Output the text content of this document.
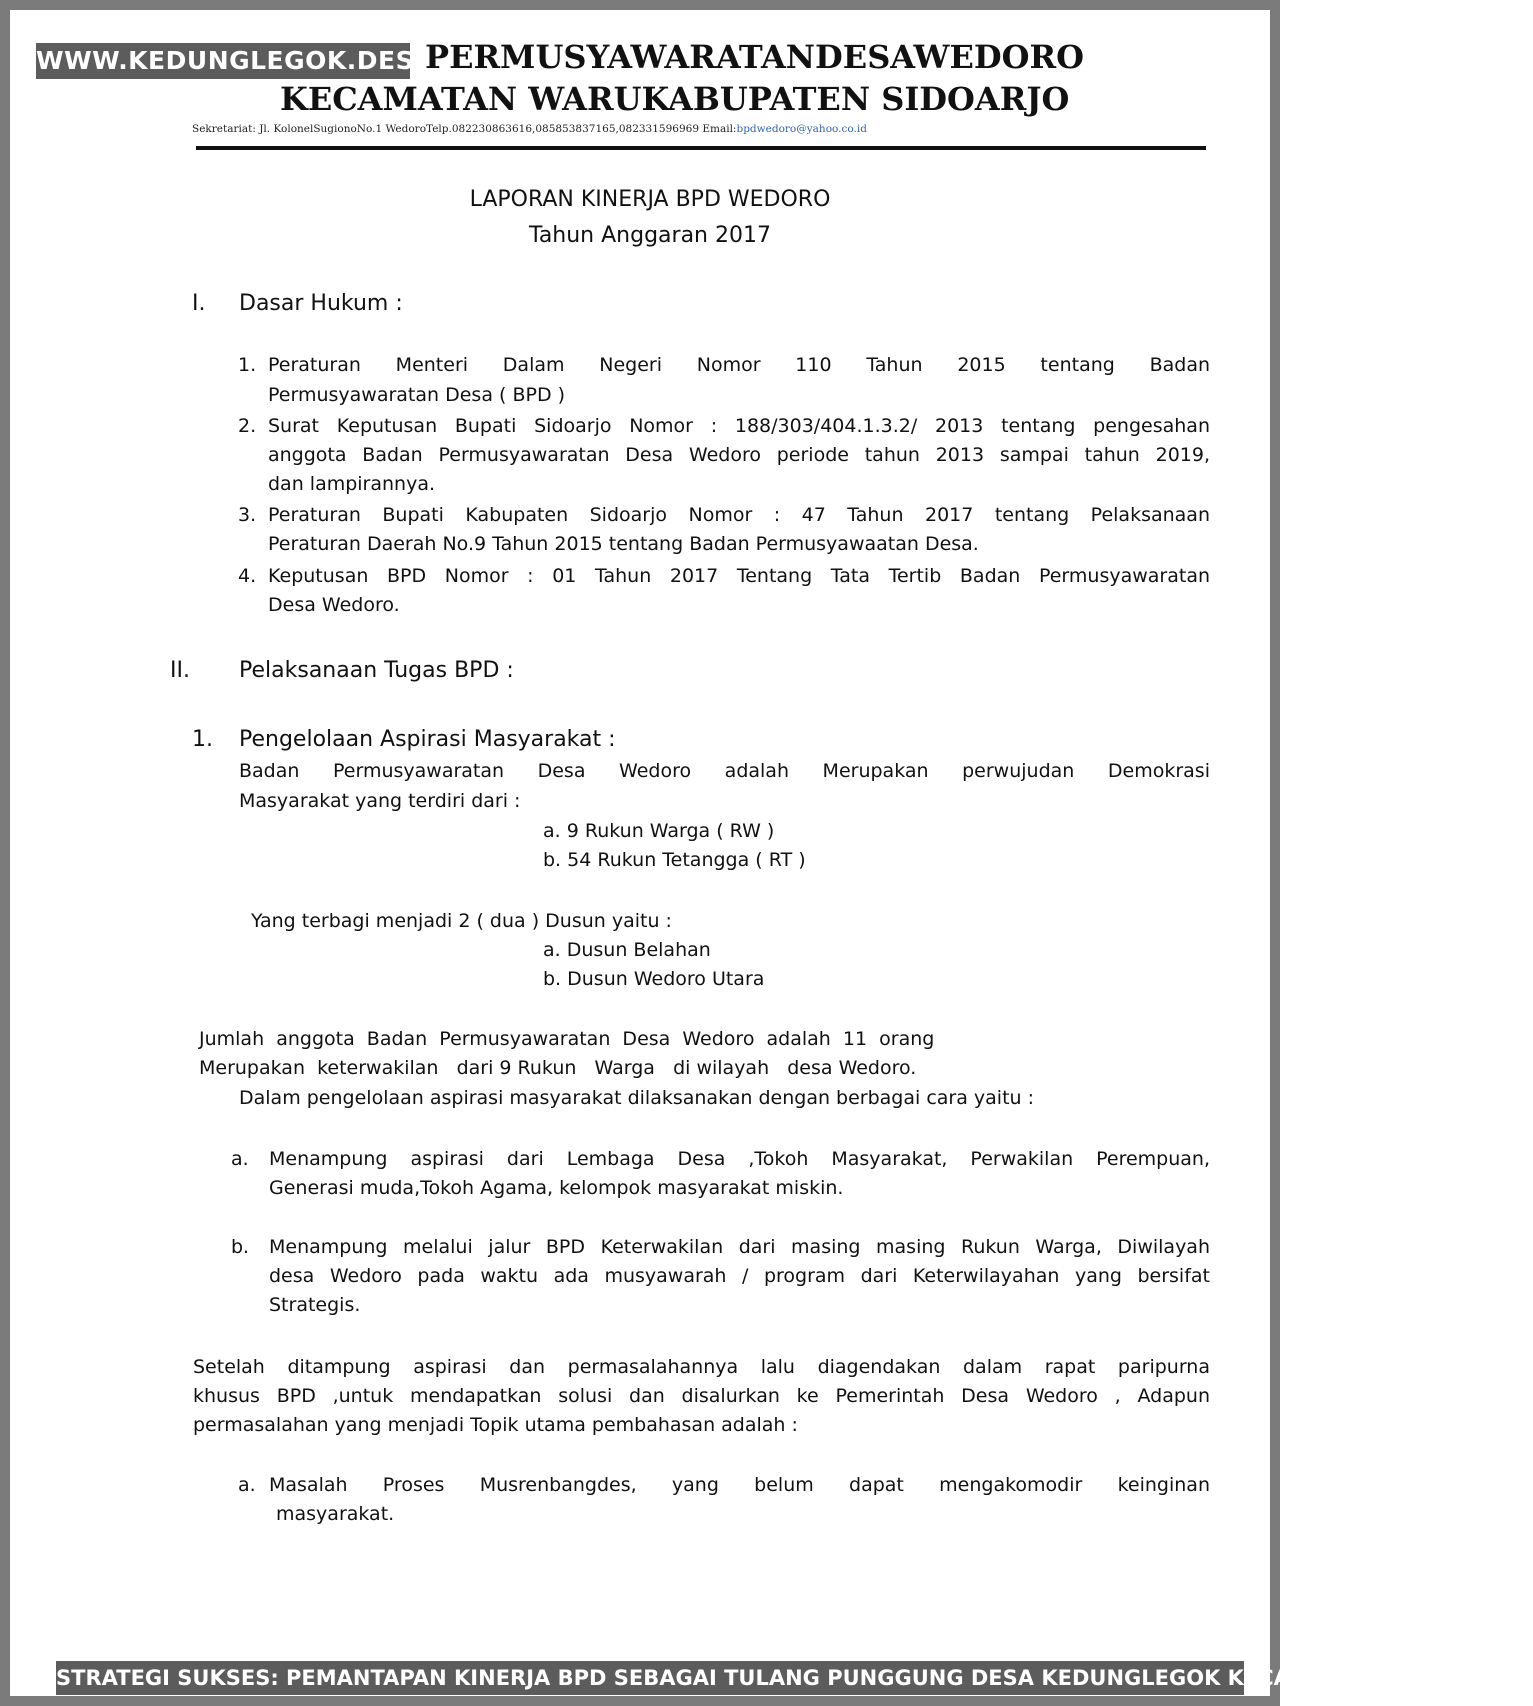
WWW.KEDUNGLEGOK.DESA.ID
PERMUSYAWARATANDESAWEDORO
KECAMATAN WARUKABUPATEN SIDOARJO
Sekretariat: Jl. KolonelSugionoNo.1 WedoroTelp.082230863616,085853837165,082331596969 Email:bpdwedoro@yahoo.co.id
LAPORAN KINERJA BPD WEDORO
Tahun Anggaran 2017
I. Dasar Hukum :
1. Peraturan Menteri Dalam Negeri Nomor 110 Tahun 2015 tentang Badan
Permusyawaratan Desa ( BPD )
2. Surat Keputusan Bupati Sidoarjo Nomor : 188/303/404.1.3.2/ 2013 tentang pengesahan
anggota Badan Permusyawaratan Desa Wedoro periode tahun 2013 sampai tahun 2019,
dan lampirannya.
3. Peraturan Bupati Kabupaten Sidoarjo Nomor : 47 Tahun 2017 tentang Pelaksanaan
Peraturan Daerah No.9 Tahun 2015 tentang Badan Permusyawaatan Desa.
4. Keputusan BPD Nomor : 01 Tahun 2017 Tentang Tata Tertib Badan Permusyawaratan
Desa Wedoro.
II. Pelaksanaan Tugas BPD :
1. Pengelolaan Aspirasi Masyarakat :
Badan Permusyawaratan Desa Wedoro adalah Merupakan perwujudan Demokrasi
Masyarakat yang terdiri dari :
a. 9 Rukun Warga ( RW )
b. 54 Rukun Tetangga ( RT )
Yang terbagi menjadi 2 ( dua ) Dusun yaitu :
a. Dusun Belahan
b. Dusun Wedoro Utara
Jumlah  anggota  Badan  Permusyawaratan  Desa  Wedoro  adalah  11  orang
Merupakan  keterwakilan   dari 9 Rukun   Warga   di wilayah   desa Wedoro.
Dalam pengelolaan aspirasi masyarakat dilaksanakan dengan berbagai cara yaitu :
a. Menampung aspirasi dari Lembaga Desa ,Tokoh Masyarakat, Perwakilan Perempuan,
Generasi muda,Tokoh Agama, kelompok masyarakat miskin.
b. Menampung melalui jalur BPD Keterwakilan dari masing masing Rukun Warga, Diwilayah
desa Wedoro pada waktu ada musyawarah / program dari Keterwilayahan yang bersifat
Strategis.
Setelah ditampung aspirasi dan permasalahannya lalu diagendakan dalam rapat paripurna
khusus BPD ,untuk mendapatkan solusi dan disalurkan ke Pemerintah Desa Wedoro , Adapun
permasalahan yang menjadi Topik utama pembahasan adalah :
a. Masalah Proses Musrenbangdes, yang belum dapat mengakomodir keinginan
masyarakat.
STRATEGI SUKSES: PEMANTAPAN KINERJA BPD SEBAGAI TULANG PUNGGUNG DESA KEDUNGLEGOK KECAMATAN KEMANGKON
